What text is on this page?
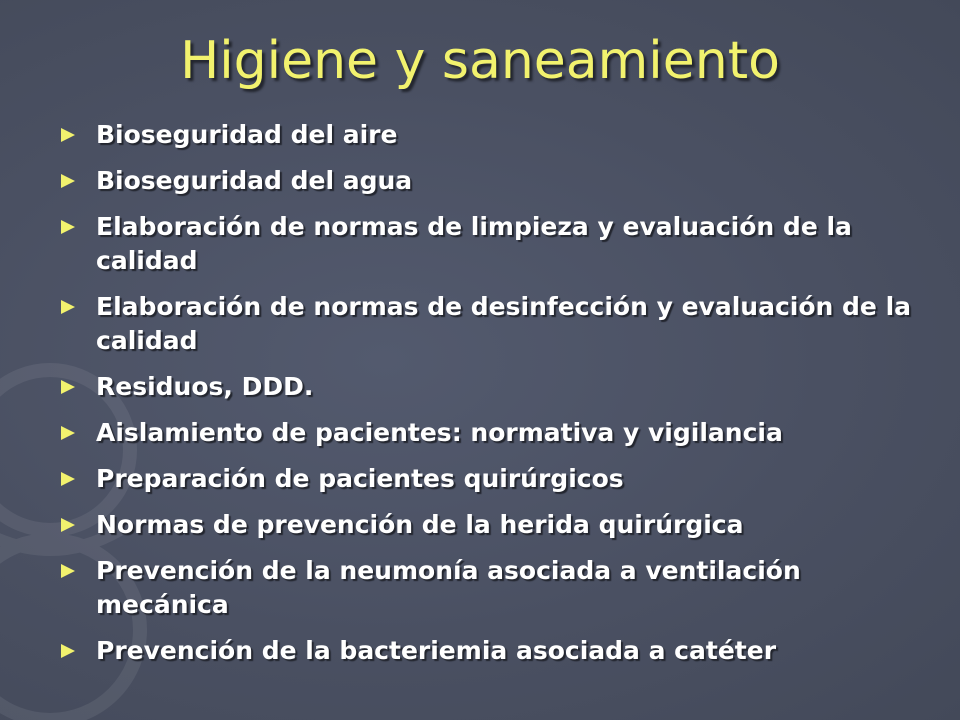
Higiene y saneamiento
Bioseguridad del aire
Bioseguridad del agua
Elaboración de normas de limpieza y evaluación de la calidad
Elaboración de normas de desinfección y evaluación de la calidad
Residuos, DDD.
Aislamiento de pacientes: normativa y vigilancia
Preparación de pacientes quirúrgicos
Normas de prevención de la herida quirúrgica
Prevención de la neumonía asociada a ventilación mecánica
Prevención de la bacteriemia asociada a catéter
